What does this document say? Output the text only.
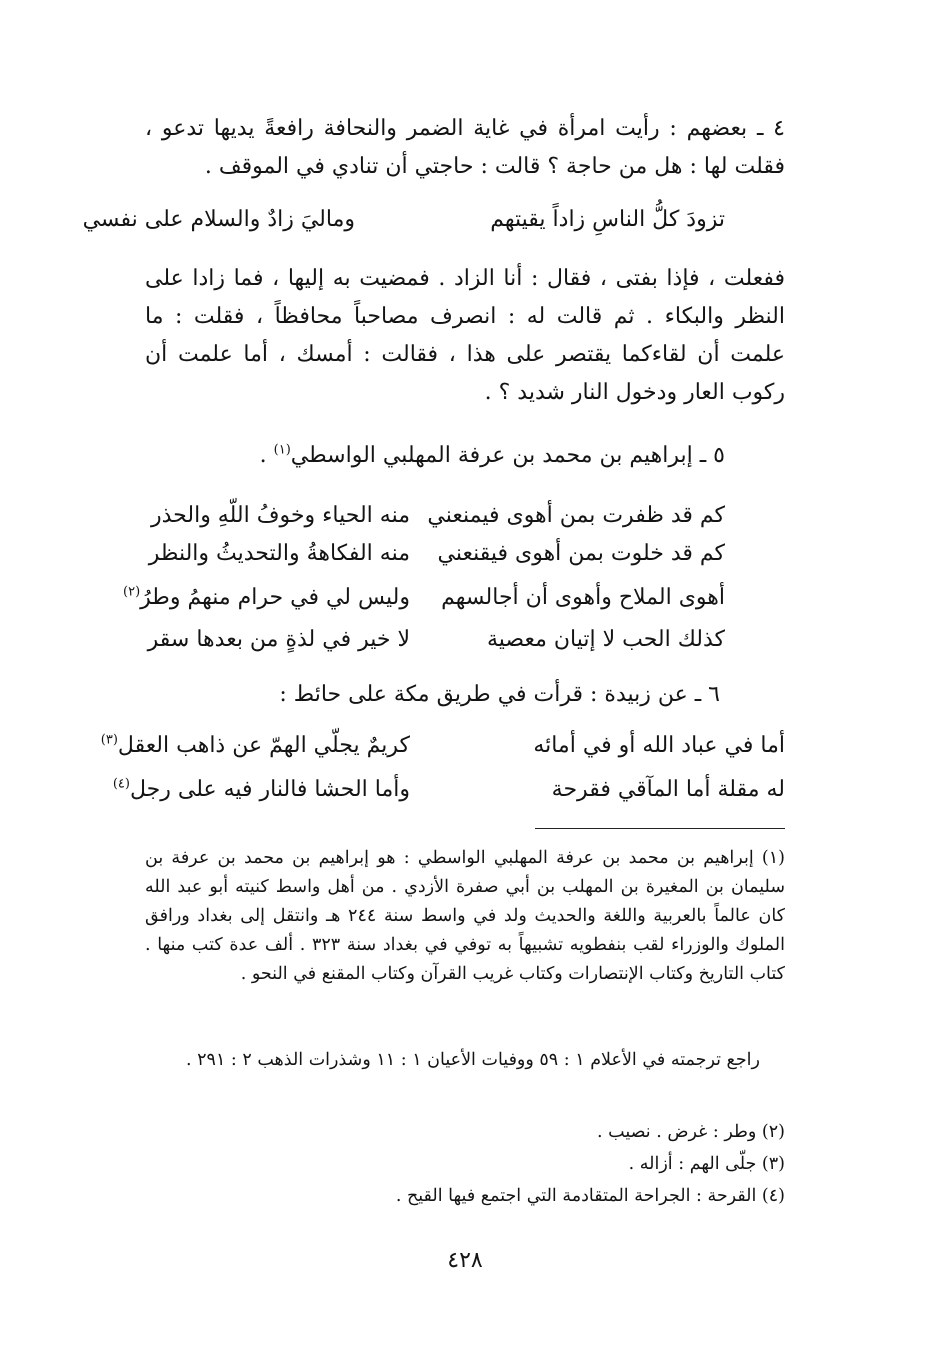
٤ ـ بعضهم : رأيت امرأة في غاية الضمر والنحافة رافعةً يديها تدعو ، فقلت لها : هل من حاجة ؟ قالت : حاجتي أن تنادي في الموقف .

تزودَ كلُّ الناسِ زاداً يقيتهم
وماليَ زادٌ والسلام على نفسي

ففعلت ، فإذا بفتى ، فقال : أنا الزاد . فمضيت به إليها ، فما زادا على النظر والبكاء . ثم قالت له : انصرف مصاحباً محافظاً ، فقلت : ما علمت أن لقاءكما يقتصر على هذا ، فقالت : أمسك ، أما علمت أن ركوب العار ودخول النار شديد ؟ .

٥ ـ إبراهيم بن محمد بن عرفة المهلبي الواسطي$^{(١)}$ .
كم قد ظفرت بمن أهوى فيمنعني
منه الحياء وخوفُ اللّهِ والحذر
كم قد خلوت بمن أهوى فيقنعني
منه الفكاهةُ والتحديثُ والنظر
أهوى الملاح وأهوى أن أجالسهم
وليس لي في حرام منهمُ وطرُ$^{(٢)}$
كذلك الحب لا إتيان معصية
لا خير في لذةٍ من بعدها سقر
٦ ـ عن زبيدة : قرأت في طريق مكة على حائط :
أما في عباد الله أو في أمائه
كريمٌ يجلّي الهمّ عن ذاهب العقل$^{(٣)}$
له مقلة أما المآقي فقرحة
وأما الحشا فالنار فيه على رجل$^{(٤)}$

(١) إبراهيم بن محمد بن عرفة المهلبي الواسطي : هو إبراهيم بن محمد بن عرفة بن سليمان بن المغيرة بن المهلب بن أبي صفرة الأزدي . من أهل واسط كنيته أبو عبد الله كان عالماً بالعربية واللغة والحديث ولد في واسط سنة ٢٤٤ هـ وانتقل إلى بغداد ورافق الملوك والوزراء لقب بنفطويه تشبيهاً به توفي في بغداد سنة ٣٢٣ . ألف عدة كتب منها . كتاب التاريخ وكتاب الإنتصارات وكتاب غريب القرآن وكتاب المقنع في النحو .

راجع ترجمته في الأعلام ١ : ٥٩ ووفيات الأعيان ١ : ١١ وشذرات الذهب ٢ : ٢٩١ .

(٢) وطر : غرض . نصيب .
(٣) جلّى الهم : أزاله .
(٤) القرحة : الجراحة المتقادمة التي اجتمع فيها القيح .
٤٢٨
